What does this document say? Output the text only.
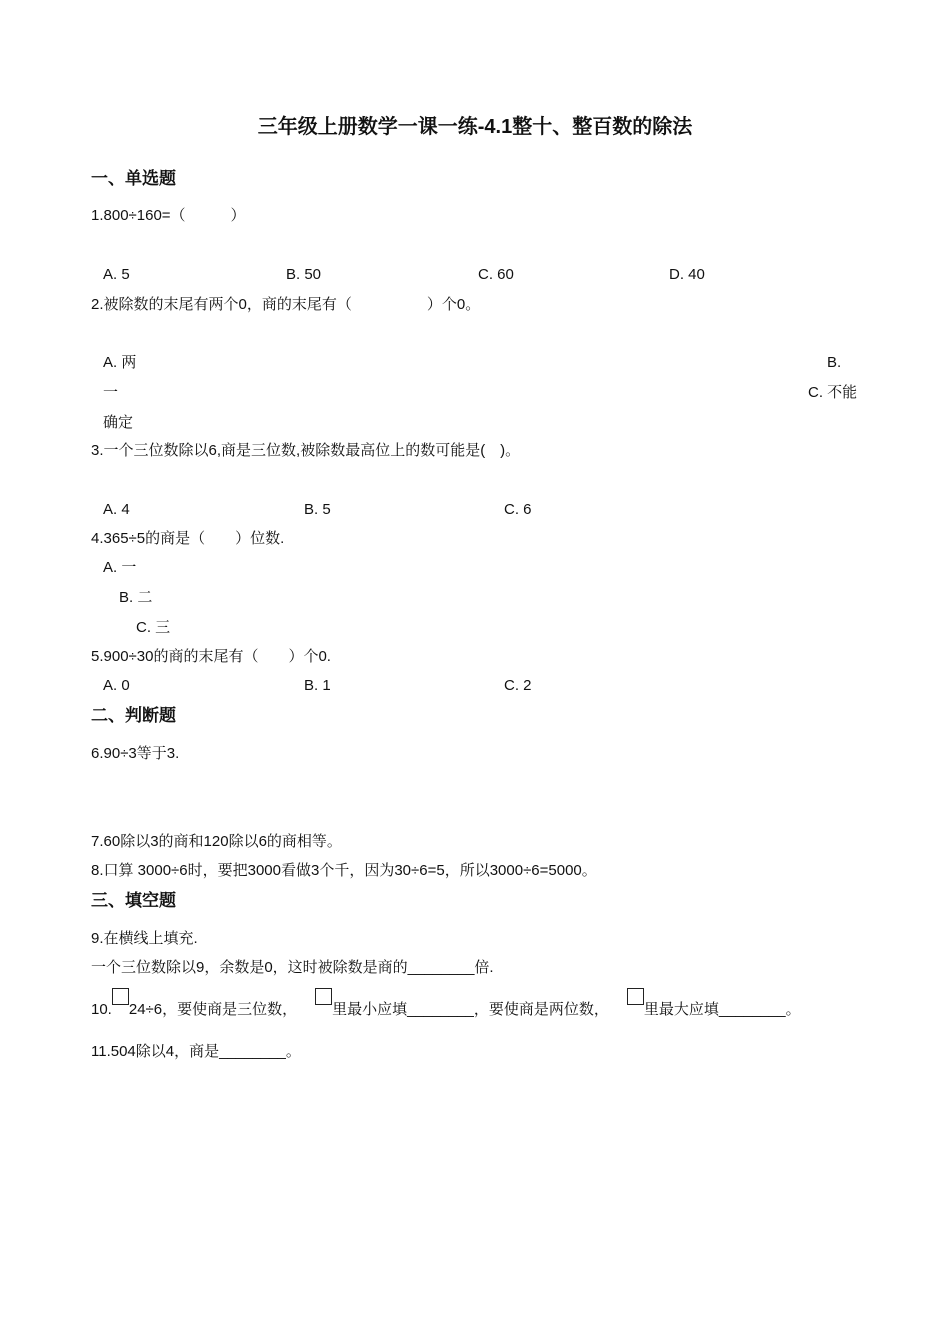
三年级上册数学一课一练-4.1整十、整百数的除法
一、单选题
1.800÷160=（　　　）
A. 5	B. 50	C. 60	D. 40
2.被除数的末尾有两个0，商的末尾有（　　　　　）个0。
A. 两	B.
一	C. 不能
确定
3.一个三位数除以6,商是三位数,被除数最高位上的数可能是(　)。
A. 4	B. 5	C. 6
4.365÷5的商是（　　）位数.
A. 一
B. 二
C. 三
5.900÷30的商的末尾有（　　）个0.
A. 0	B. 1	C. 2
二、判断题
6.90÷3等于3.
7.60除以3的商和120除以6的商相等。
8.口算 3000÷6时，要把3000看做3个千，因为30÷6=5，所以3000÷6=5000。
三、填空题
9.在横线上填充.
一个三位数除以9，余数是0，这时被除数是商的________倍.
10. 24÷6，要使商是三位数， 里最小应填________，要使商是两位数， 里最大应填________。
11.504除以4，商是________。
